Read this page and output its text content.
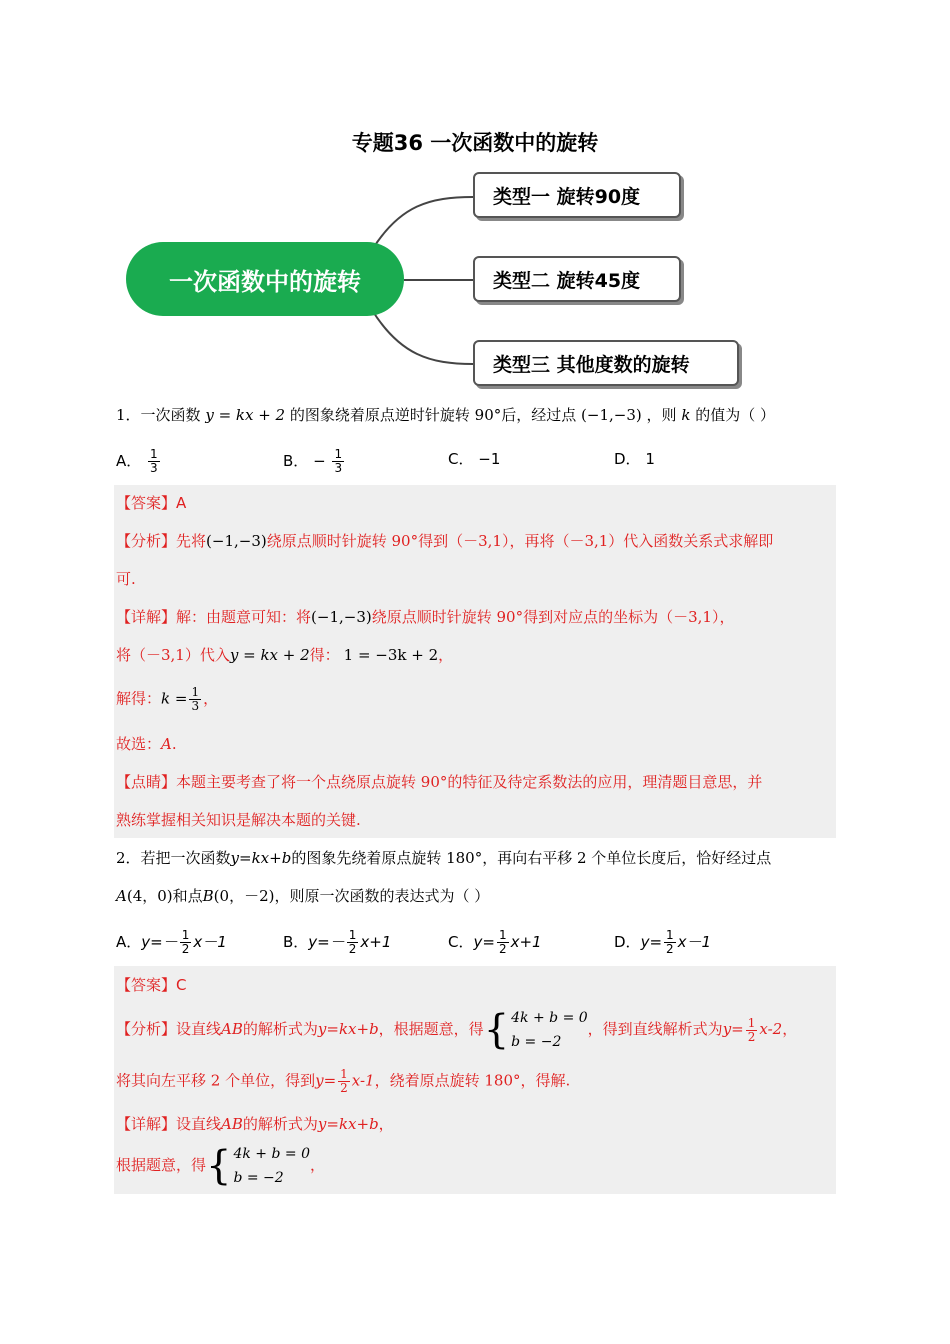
专题36 一次函数中的旋转
一次函数中的旋转
类型一 旋转90度
类型二 旋转45度
类型三 其他度数的旋转
1．一次函数 y = kx + 2 的图象绕着原点逆时针旋转 90°后，经过点 (−1,−3) ，则 k 的值为（ ）
A． $\frac{1}{3}$	B． − $\frac{1}{3}$	C． −1	D． 1
【答案】A
【分析】先将(−1,−3)绕原点顺时针旋转 90°得到（－3,1），再将（－3,1）代入函数关系式求解即
可.
【详解】解：由题意可知：将(−1,−3)绕原点顺时针旋转 90°得到对应点的坐标为（－3,1），
将（－3,1）代入y = kx + 2得： 1 = −3k + 2，
解得：$k = \frac{1}{3}$ ，
故选：A.
【点睛】本题主要考查了将一个点绕原点旋转 90°的特征及待定系数法的应用，理清题目意思，并
熟练掌握相关知识是解决本题的关键.
2．若把一次函数y=kx+b的图象先绕着原点旋转 180°，再向右平移 2 个单位长度后，恰好经过点
A(4，0)和点B(0，－2)，则原一次函数的表达式为（ ）
A．$y=- \frac{1}{2} x-1$	B．$y=- \frac{1}{2} x+1$	C．$y= \frac{1}{2} x+1$	D．$y= \frac{1}{2} x-1$
【答案】C
【分析】设直线AB的解析式为y=kx+b，根据题意，得 { 4k + b = 0
b = −2
，得到直线解析式为$y= \frac{1}{2} x-2$，
将其向左平移 2 个单位，得到$y= \frac{1}{2} x-1$，绕着原点旋转 180°，得解.
【详解】设直线AB的解析式为y=kx+b，
根据题意，得 { 4k + b = 0
b = −2
，
